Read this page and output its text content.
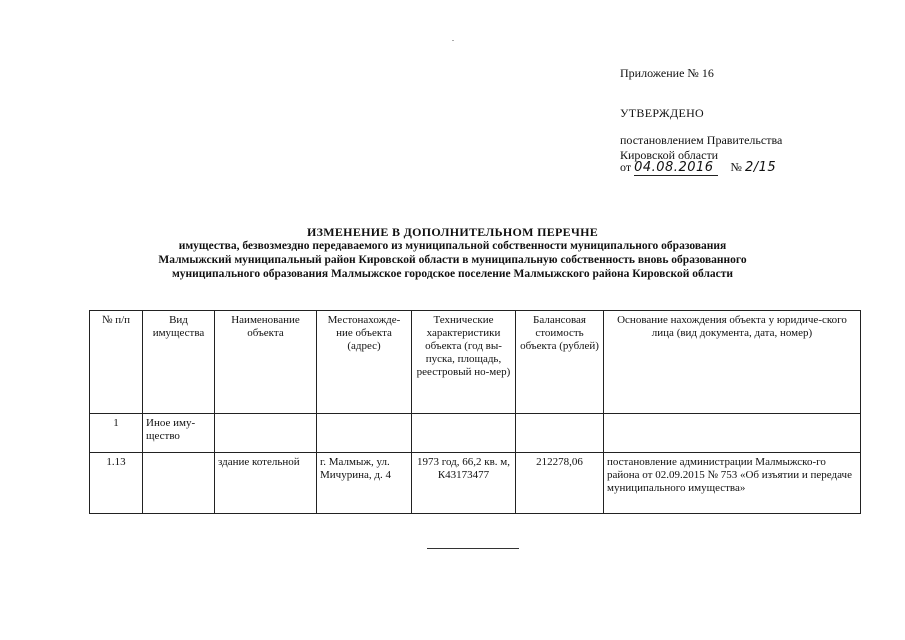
Приложение № 16
УТВЕРЖДЕНО
постановлением Правительства
Кировской области
от 04.08.2016 № 2/15
ИЗМЕНЕНИЕ В ДОПОЛНИТЕЛЬНОМ ПЕРЕЧНЕ
имущества, безвозмездно передаваемого из муниципальной собственности муниципального образования
Малмыжский муниципальный район Кировской области в муниципальную собственность вновь образованного
муниципального образования Малмыжское городское поселение Малмыжского района Кировской области
№ п/п	Вид имущества	Наименование объекта	Местонахожде-ние объекта (адрес)	Технические характеристики объекта (год вы-пуска, площадь, реестровый но-мер)	Балансовая стоимость объекта (рублей)	Основание нахождения объекта у юридиче-ского лица (вид документа, дата, номер)
1	Иное иму-щество					
1.13		здание котельной	г. Малмыж, ул. Мичурина, д. 4	1973 год, 66,2 кв. м, К43173477	212278,06	постановление администрации Малмыжско-го района от 02.09.2015 № 753 «Об изъятии и передаче муниципального имущества»
